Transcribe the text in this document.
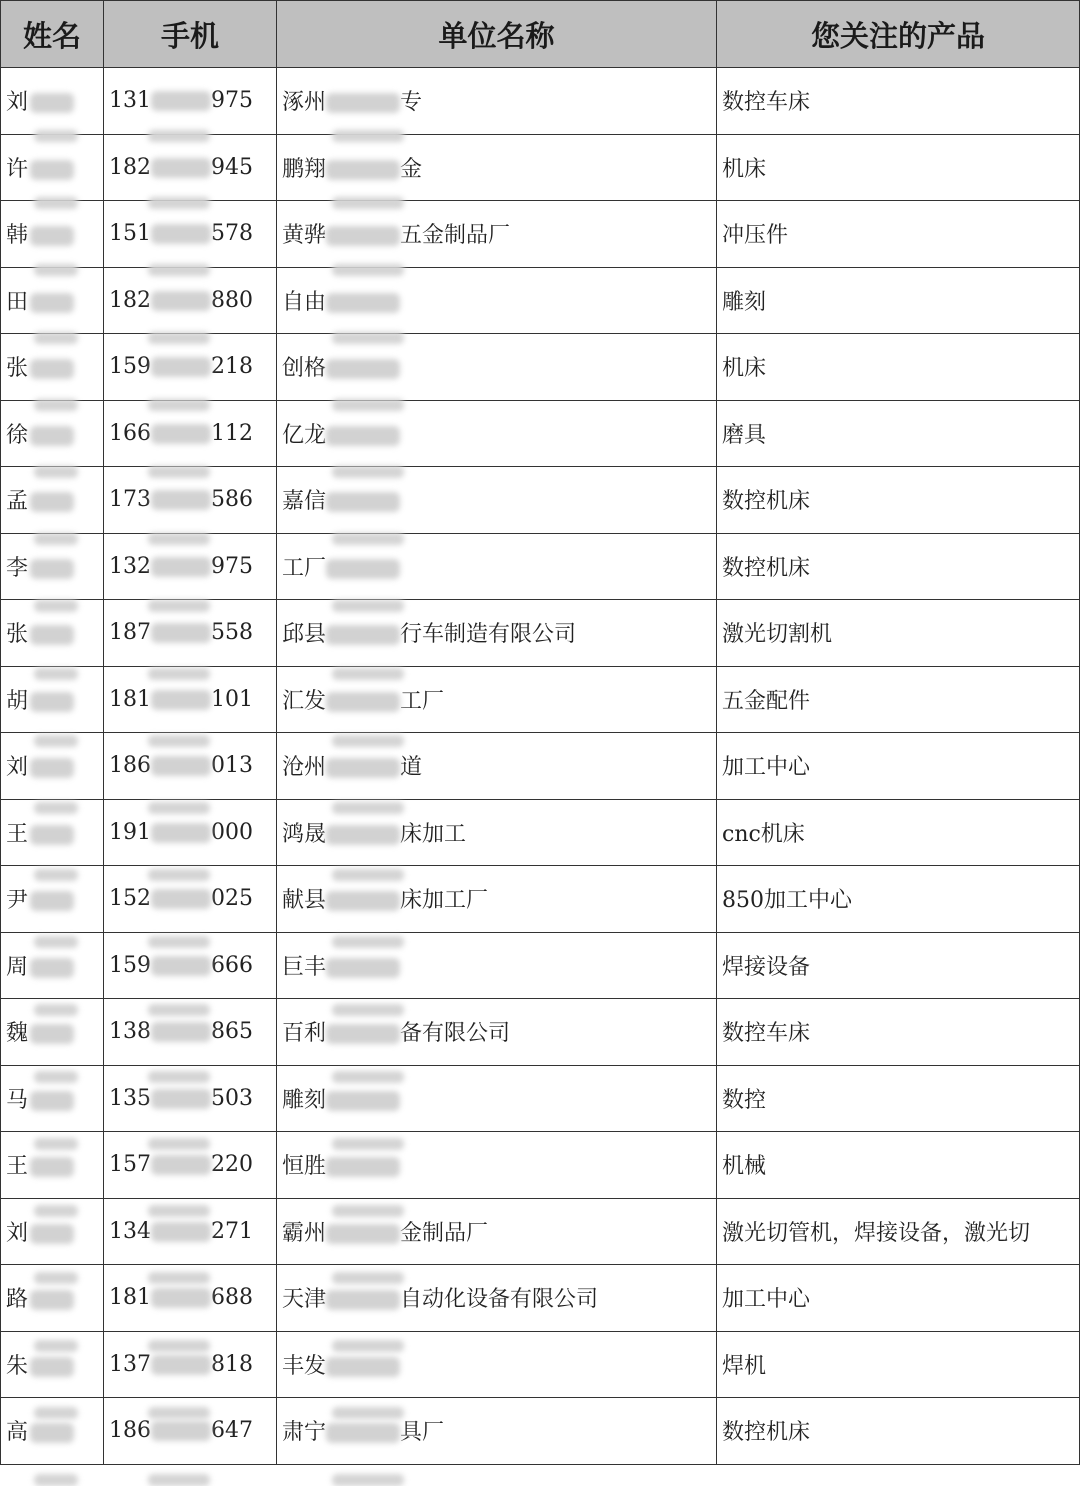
姓名	手机	单位名称	您关注的产品
刘	131 975	涿州 专	数控车床
许	182 945	鹏翔 金	机床
韩	151 578	黄骅 五金制品厂	冲压件
田	182 880	自由	雕刻
张	159 218	创格	机床
徐	166 112	亿龙	磨具
孟	173 586	嘉信	数控机床
李	132 975	工厂	数控机床
张	187 558	邱县 行车制造有限公司	激光切割机
胡	181 101	汇发 工厂	五金配件
刘	186 013	沧州 道	加工中心
王	191 000	鸿晟 床加工	cnc机床
尹	152 025	献县 床加工厂	850加工中心
周	159 666	巨丰	焊接设备
魏	138 865	百利 备有限公司	数控车床
马	135 503	雕刻	数控
王	157 220	恒胜	机械
刘	134 271	霸州 金制品厂	激光切管机，焊接设备，激光切
路	181 688	天津 自动化设备有限公司	加工中心
朱	137 818	丰发	焊机
高	186 647	肃宁 具厂	数控机床
